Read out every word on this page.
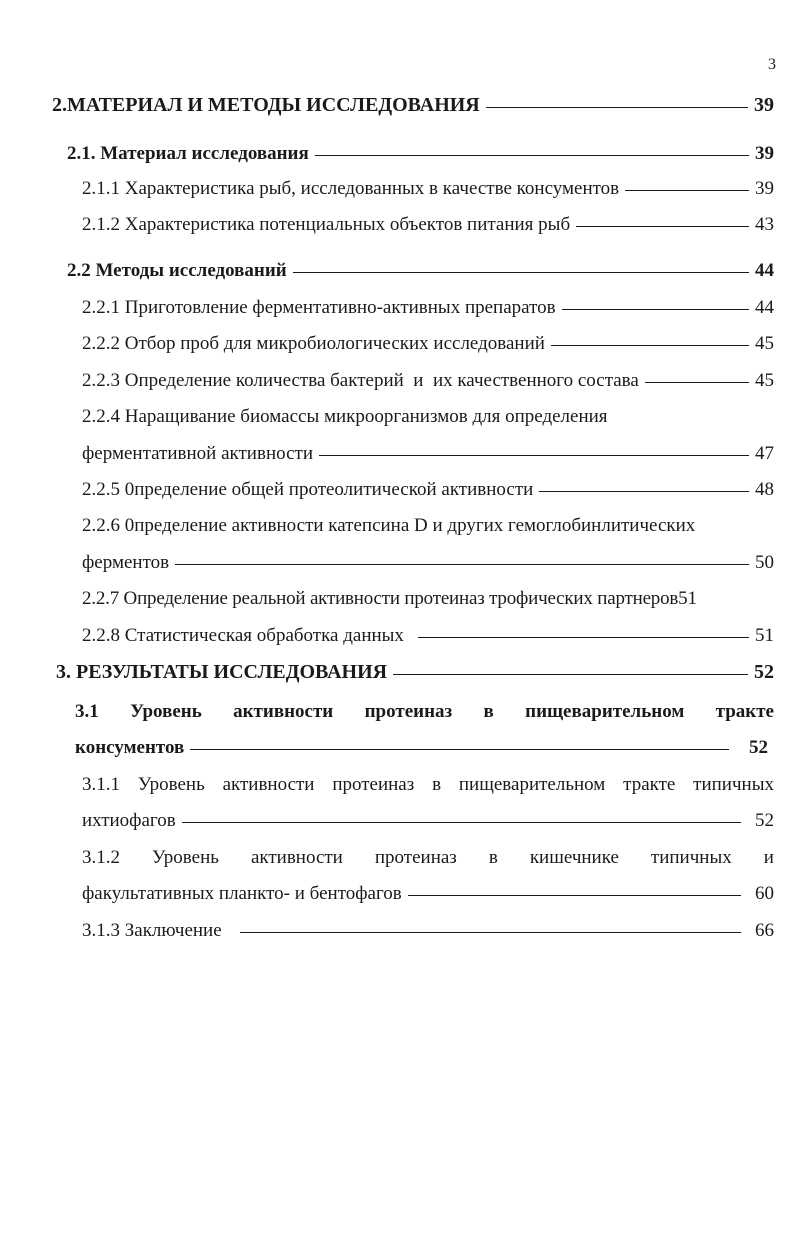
3
2.МАТЕРИАЛ И МЕТОДЫ ИССЛЕДОВАНИЯ	39
2.1. Материал исследования	39
2.1.1 Характеристика рыб, исследованных в качестве консументов	39
2.1.2 Характеристика потенциальных объектов питания рыб	43
2.2 Методы исследований	44
2.2.1 Приготовление ферментативно-активных препаратов	44
2.2.2 Отбор проб для микробиологических исследований	45
2.2.3 Определение количества бактерий  и  их качественного состава	45
2.2.4 Наращивание биомассы микроорганизмов для определения
ферментативной активности	47
2.2.5 0пределение общей протеолитической активности	48
2.2.6 0пределение активности катепсина D и других гемоглобинлитических
ферментов	50
2.2.7 Определение реальной активности протеиназ трофических партнеров51
2.2.8 Статистическая обработка данных	51
3. РЕЗУЛЬТАТЫ ИССЛЕДОВАНИЯ	52
3.1 Уровень активности протеиназ в пищеварительном тракте
консументов	52
3.1.1 Уровень активности протеиназ в пищеварительном тракте типичных
ихтиофагов	52
3.1.2 Уровень активности протеиназ в кишечнике типичных и
факультативных планкто- и бентофагов	60
3.1.3 Заключение	66
